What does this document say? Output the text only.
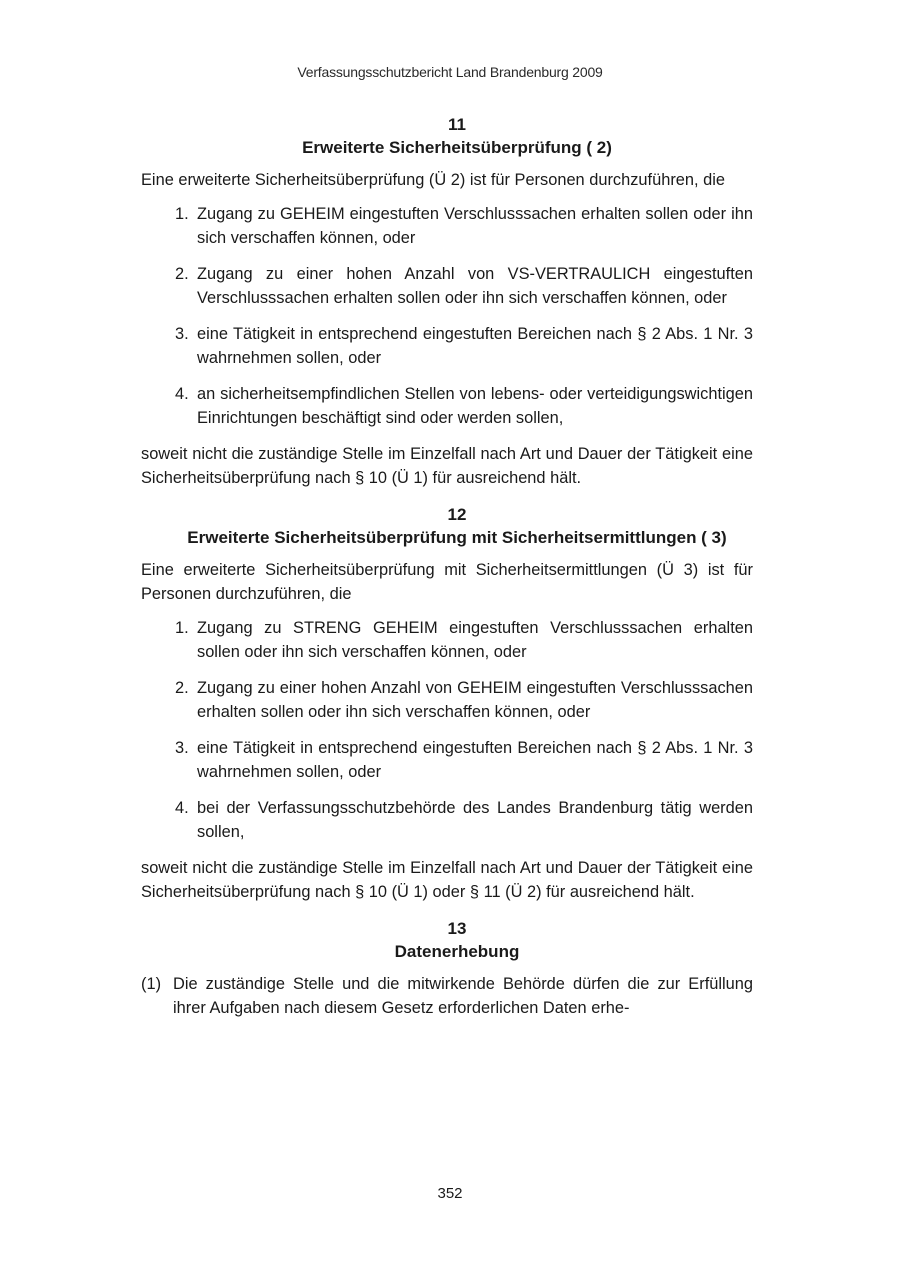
Verfassungsschutzbericht Land Brandenburg 2009
11
Erweiterte Sicherheitsüberprüfung ( 2)

Eine erweiterte Sicherheitsüberprüfung (Ü 2) ist für Personen durchzuführen, die

1. Zugang zu GEHEIM eingestuften Verschlusssachen erhalten sollen oder ihn sich verschaffen können, oder
2. Zugang zu einer hohen Anzahl von VS-VERTRAULICH eingestuften Verschlusssachen erhalten sollen oder ihn sich verschaffen können, oder
3. eine Tätigkeit in entsprechend eingestuften Bereichen nach § 2 Abs. 1 Nr. 3 wahrnehmen sollen, oder
4. an sicherheitsempfindlichen Stellen von lebens- oder verteidigungswichtigen Einrichtungen beschäftigt sind oder werden sollen,

soweit nicht die zuständige Stelle im Einzelfall nach Art und Dauer der Tätigkeit eine Sicherheitsüberprüfung nach § 10 (Ü 1) für ausreichend hält.

12
Erweiterte Sicherheitsüberprüfung mit Sicherheitsermittlungen ( 3)

Eine erweiterte Sicherheitsüberprüfung mit Sicherheitsermittlungen (Ü 3) ist für Personen durchzuführen, die

1. Zugang zu STRENG GEHEIM eingestuften Verschlusssachen erhalten sollen oder ihn sich verschaffen können, oder
2. Zugang zu einer hohen Anzahl von GEHEIM eingestuften Verschlusssachen erhalten sollen oder ihn sich verschaffen können, oder
3. eine Tätigkeit in entsprechend eingestuften Bereichen nach § 2 Abs. 1 Nr. 3 wahrnehmen sollen, oder
4. bei der Verfassungsschutzbehörde des Landes Brandenburg tätig werden sollen,

soweit nicht die zuständige Stelle im Einzelfall nach Art und Dauer der Tätigkeit eine Sicherheitsüberprüfung nach § 10 (Ü 1) oder § 11 (Ü 2) für ausreichend hält.

13
Datenerhebung

(1) Die zuständige Stelle und die mitwirkende Behörde dürfen die zur Erfüllung ihrer Aufgaben nach diesem Gesetz erforderlichen Daten erhe-

352
